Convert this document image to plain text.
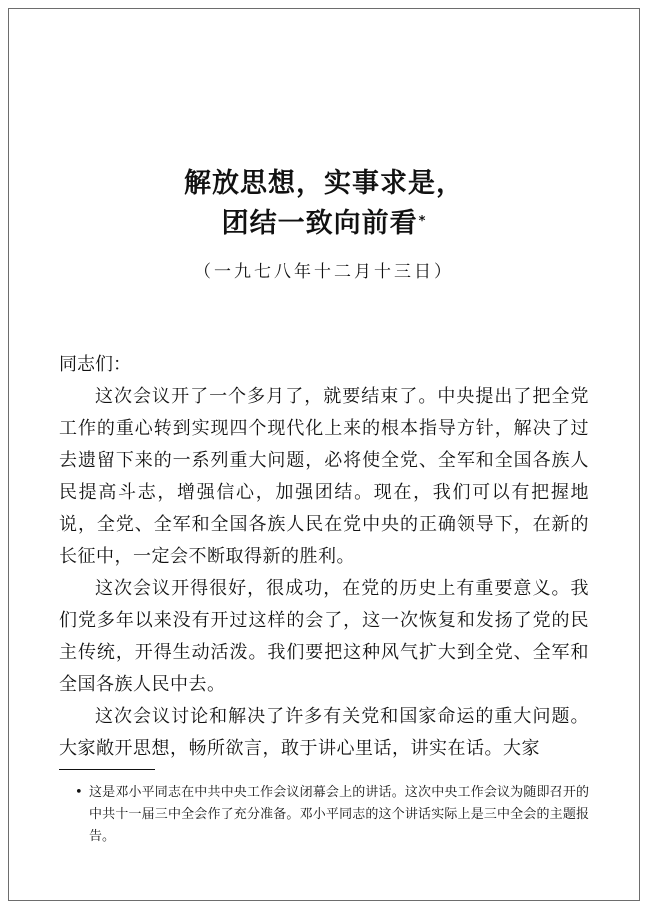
解放思想，实事求是，
团结一致向前看*
（一九七八年十二月十三日）

同志们：

这次会议开了一个多月了，就要结束了。中央提出了把全党工作的重心转到实现四个现代化上来的根本指导方针，解决了过去遗留下来的一系列重大问题，必将使全党、全军和全国各族人民提高斗志，增强信心，加强团结。现在，我们可以有把握地说，全党、全军和全国各族人民在党中央的正确领导下，在新的长征中，一定会不断取得新的胜利。

这次会议开得很好，很成功，在党的历史上有重要意义。我们党多年以来没有开过这样的会了，这一次恢复和发扬了党的民主传统，开得生动活泼。我们要把这种风气扩大到全党、全军和全国各族人民中去。

这次会议讨论和解决了许多有关党和国家命运的重大问题。大家敞开思想，畅所欲言，敢于讲心里话，讲实在话。大家

• 这是邓小平同志在中共中央工作会议闭幕会上的讲话。这次中央工作会议为随即召开的中共十一届三中全会作了充分准备。邓小平同志的这个讲话实际上是三中全会的主题报告。
